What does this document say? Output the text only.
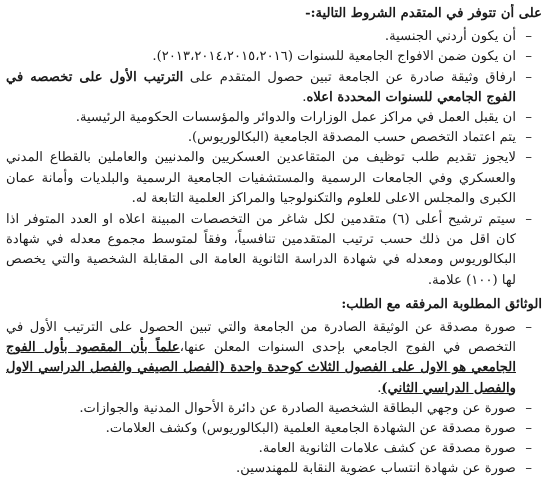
على أن تتوفر في المتقدم الشروط التالية:-
– أن يكون أردني الجنسية.
– ان يكون ضمن الافواج الجامعية للسنوات (٢٠١٣،٢٠١٤،٢٠١٥،٢٠١٦).
– ارفاق وثيقة صادرة عن الجامعة تبين حصول المتقدم على الترتيب الأول على تخصصه في الفوج الجامعي للسنوات المحددة اعلاه.
– ان يقبل العمل في مراكز عمل الوزارات والدوائر والمؤسسات الحكومية الرئيسية.
– يتم اعتماد التخصص حسب المصدقة الجامعية (البكالوريوس).
– لايجوز تقديم طلب توظيف من المتقاعدين العسكريين والمدنيين والعاملين بالقطاع المدني والعسكري وفي الجامعات الرسمية والمستشفيات الجامعية الرسمية والبلديات وأمانة عمان الكبرى والمجلس الاعلى للعلوم والتكنولوجيا والمراكز العلمية التابعة له.
– سيتم ترشيح أعلى (٦) متقدمين لكل شاغر من التخصصات المبينة اعلاه او العدد المتوفر اذا كان اقل من ذلك حسب ترتيب المتقدمين تنافسياً، وفقاً لمتوسط مجموع معدله في شهادة البكالوريوس ومعدله في شهادة الدراسة الثانوية العامة الى المقابلة الشخصية والتي يخصص لها (١٠٠) علامة.
الوثائق المطلوبة المرفقه مع الطلب:
– صورة مصدقة عن الوثيقة الصادرة من الجامعة والتي تبين الحصول على الترتيب الأول في التخصص في الفوج الجامعي بإحدى السنوات المعلن عنها،علماً بأن المقصود بأول الفوج الجامعي هو الاول على الفصول الثلاث كوحدة واحدة (الفصل الصيفي والفصل الدراسي الاول والفصل الدراسي الثاني).
– صورة عن وجهي البطاقة الشخصية الصادرة عن دائرة الأحوال المدنية والجوازات.
– صورة مصدقة عن الشهادة الجامعية العلمية (البكالوريوس) وكشف العلامات.
– صورة مصدقة عن كشف علامات الثانوية العامة.
– صورة عن شهادة انتساب عضوية النقابة للمهندسين.
